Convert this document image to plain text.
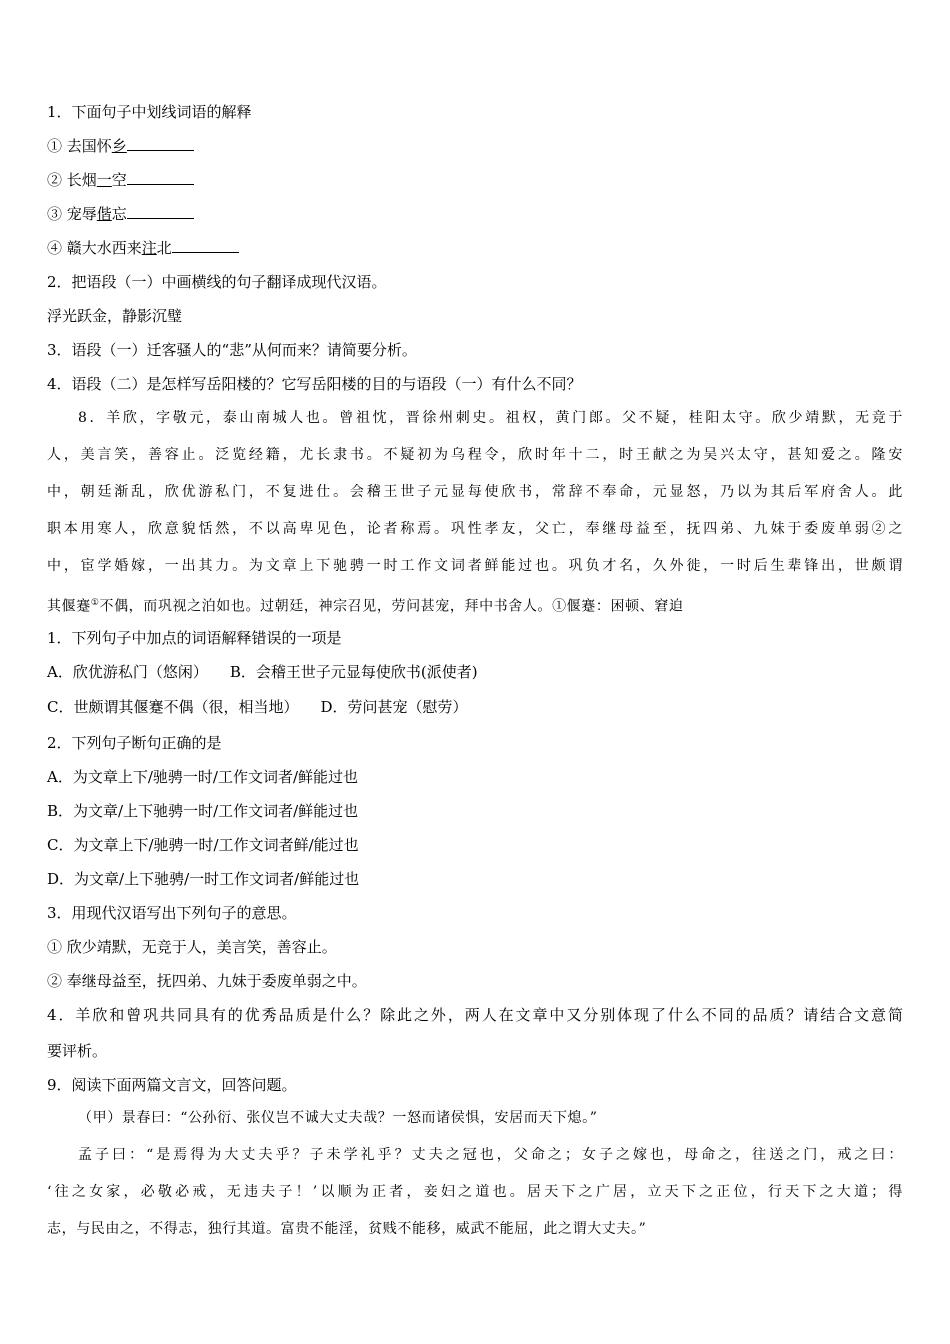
1．下面句子中划线词语的解释
① 去国怀乡
② 长烟一空
③ 宠辱偕忘
④ 赣大水西来注北
2．把语段（一）中画横线的句子翻译成现代汉语。
浮光跃金，静影沉璧
3．语段（一）迁客骚人的“悲”从何而来？请简要分析。
4．语段（二）是怎样写岳阳楼的？它写岳阳楼的目的与语段（一）有什么不同？
8．羊欣，字敬元，泰山南城人也。曾祖忱，晋徐州刺史。祖权，黄门郎。父不疑，桂阳太守。欣少靖默，无竞于
人，美言笑，善容止。泛览经籍，尤长隶书。不疑初为乌程令，欣时年十二，时王献之为吴兴太守，甚知爱之。隆安
中，朝廷渐乱，欣优游私门，不复进仕。会稽王世子元显每使欣书，常辞不奉命，元显怒，乃以为其后军府舍人。此
职本用寒人，欣意貌恬然，不以高卑见色，论者称焉。巩性孝友，父亡，奉继母益至，抚四弟、九妹于委废单弱②之
中，宦学婚嫁，一出其力。为文章上下驰骋一时工作文词者鲜能过也。巩负才名，久外徙，一时后生辈锋出，世颇谓
其偃蹇①不偶，而巩视之泊如也。过朝廷，神宗召见，劳问甚宠，拜中书舍人。①偃蹇：困顿、窘迫
1．下列句子中加点的词语解释错误的一项是
A．欣优游私门（悠闲） B．会稽王世子元显每使欣书(派使者)
C．世颇谓其偃蹇不偶（很，相当地） D．劳问甚宠（慰劳）
2．下列句子断句正确的是
A．为文章上下/驰骋一时/工作文词者/鲜能过也
B．为文章/上下驰骋一时/工作文词者/鲜能过也
C．为文章上下/驰骋一时/工作文词者鲜/能过也
D．为文章/上下驰骋/一时工作文词者/鲜能过也
3．用现代汉语写出下列句子的意思。
① 欣少靖默，无竞于人，美言笑，善容止。
② 奉继母益至，抚四弟、九妹于委废单弱之中。
4．羊欣和曾巩共同具有的优秀品质是什么？除此之外，两人在文章中又分别体现了什么不同的品质？请结合文意简
要评析。
9．阅读下面两篇文言文，回答问题。
（甲）景春曰：“公孙衍、张仪岂不诚大丈夫哉？一怒而诸侯惧，安居而天下熄。”
孟子曰：“是焉得为大丈夫乎？子未学礼乎？丈夫之冠也，父命之；女子之嫁也，母命之，往送之门，戒之曰：
‘往之女家，必敬必戒，无违夫子！’以顺为正者，妾妇之道也。居天下之广居，立天下之正位，行天下之大道；得
志，与民由之，不得志，独行其道。富贵不能淫，贫贱不能移，威武不能屈，此之谓大丈夫。”
